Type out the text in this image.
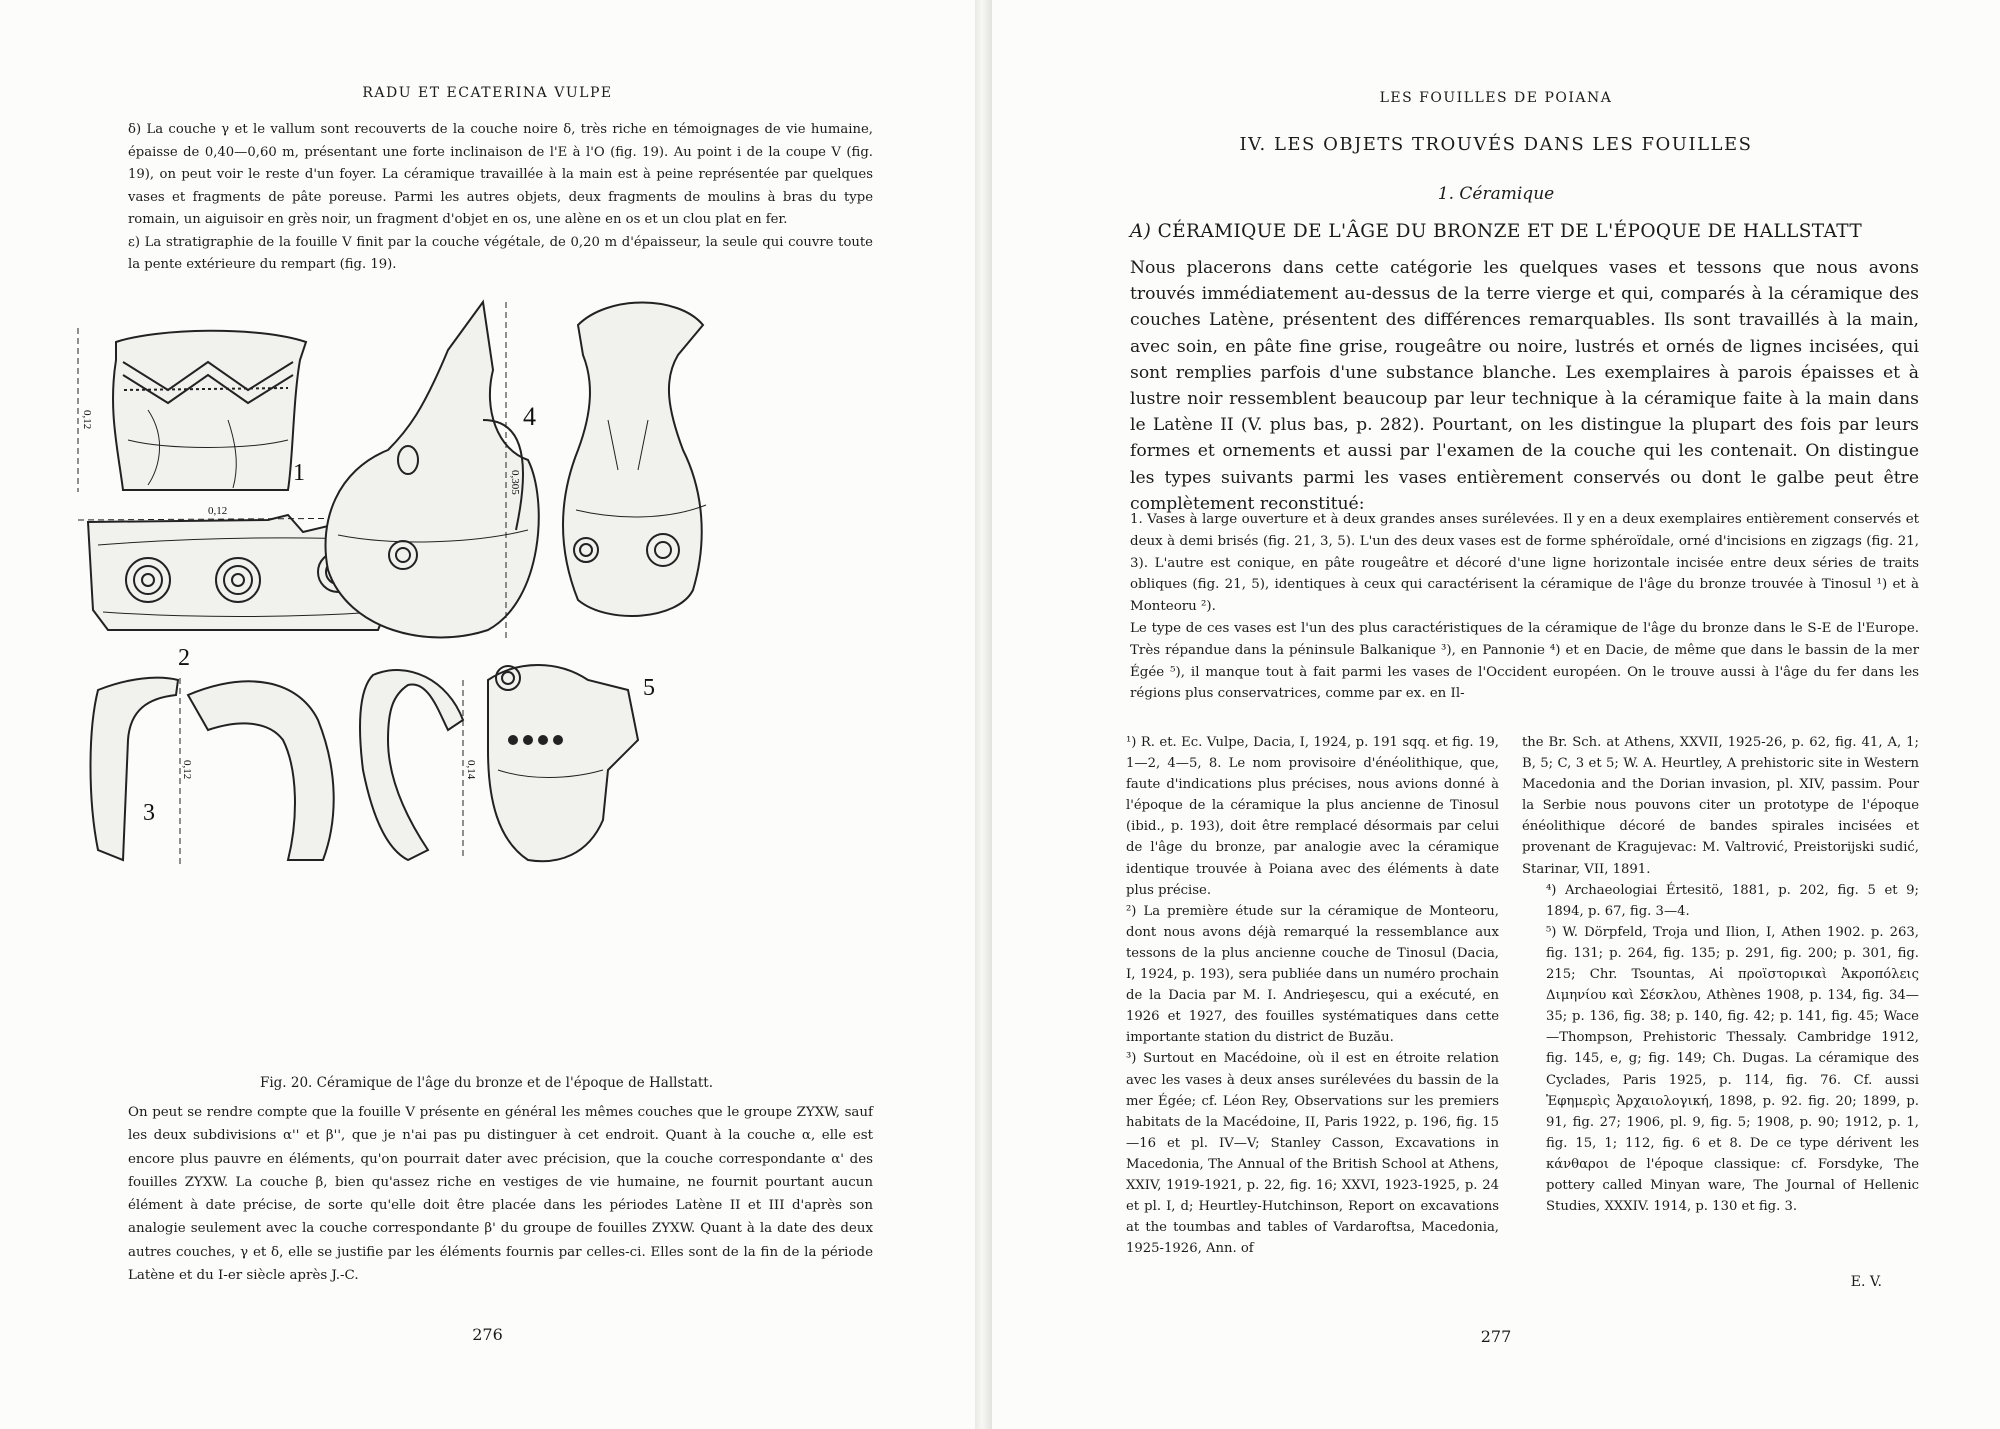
RADU ET ECATERINA VULPE

δ) La couche γ et le vallum sont recouverts de la couche noire δ, très riche en témoignages de vie humaine, épaisse de 0,40—0,60 m, présentant une forte inclinaison de l'E à l'O (fig. 19). Au point i de la coupe V (fig. 19), on peut voir le reste d'un foyer. La céramique travaillée à la main est à peine représentée par quelques vases et fragments de pâte poreuse. Parmi les autres objets, deux fragments de moulins à bras du type romain, un aiguisoir en grès noir, un fragment d'objet en os, une alène en os et un clou plat en fer.

ε) La stratigraphie de la fouille V finit par la couche végétale, de 0,20 m d'épaisseur, la seule qui couvre toute la pente extérieure du rempart (fig. 19).

1
2
3
4
5
0,12
0,12
0,305
0,12	0,14
Fig. 20. Céramique de l'âge du bronze et de l'époque de Hallstatt.

On peut se rendre compte que la fouille V présente en général les mêmes couches que le groupe ZYXW, sauf les deux subdivisions α'' et β'', que je n'ai pas pu distinguer à cet endroit. Quant à la couche α, elle est encore plus pauvre en éléments, qu'on pourrait dater avec précision, que la couche correspondante α' des fouilles ZYXW. La couche β, bien qu'assez riche en vestiges de vie humaine, ne fournit pourtant aucun élément à date précise, de sorte qu'elle doit être placée dans les périodes Latène II et III d'après son analogie seulement avec la couche correspondante β' du groupe de fouilles ZYXW. Quant à la date des deux autres couches, γ et δ, elle se justifie par les éléments fournis par celles-ci. Elles sont de la fin de la période Latène et du I-er siècle après J.-C.	E. V.
276
LES FOUILLES DE POIANA
IV. LES OBJETS TROUVÉS DANS LES FOUILLES
1. Céramique
A) CÉRAMIQUE DE L'ÂGE DU BRONZE ET DE L'ÉPOQUE DE HALLSTATT

Nous placerons dans cette catégorie les quelques vases et tessons que nous avons trouvés immédiatement au-dessus de la terre vierge et qui, comparés à la céramique des couches Latène, présentent des différences remarquables. Ils sont travaillés à la main, avec soin, en pâte fine grise, rougeâtre ou noire, lustrés et ornés de lignes incisées, qui sont remplies parfois d'une substance blanche. Les exemplaires à parois épaisses et à lustre noir ressemblent beaucoup par leur technique à la céramique faite à la main dans le Latène II (V. plus bas, p. 282). Pourtant, on les distingue la plupart des fois par leurs formes et ornements et aussi par l'examen de la couche qui les contenait. On distingue les types suivants parmi les vases entièrement conservés ou dont le galbe peut être complètement reconstitué:

1. Vases à large ouverture et à deux grandes anses surélevées. Il y en a deux exemplaires entièrement conservés et deux à demi brisés (fig. 21, 3, 5). L'un des deux vases est de forme sphéroïdale, orné d'incisions en zigzags (fig. 21, 3). L'autre est conique, en pâte rougeâtre et décoré d'une ligne horizontale incisée entre deux séries de traits obliques (fig. 21, 5), identiques à ceux qui caractérisent la céramique de l'âge du bronze trouvée à Tinosul ¹) et à Monteoru ²).

Le type de ces vases est l'un des plus caractéristiques de la céramique de l'âge du bronze dans le S-E de l'Europe. Très répandue dans la péninsule Balkanique ³), en Pannonie ⁴) et en Dacie, de même que dans le bassin de la mer Égée ⁵), il manque tout à fait parmi les vases de l'Occident européen. On le trouve aussi à l'âge du fer dans les régions plus conservatrices, comme par ex. en Il-

¹) R. et. Ec. Vulpe, Dacia, I, 1924, p. 191 sqq. et fig. 19, 1—2, 4—5, 8. Le nom provisoire d'énéolithique, que, faute d'indications plus précises, nous avions donné à l'époque de la céramique la plus ancienne de Tinosul (ibid., p. 193), doit être remplacé désormais par celui de l'âge du bronze, par analogie avec la céramique identique trouvée à Poiana avec des éléments à date plus précise.

²) La première étude sur la céramique de Monteoru, dont nous avons déjà remarqué la ressemblance aux tessons de la plus ancienne couche de Tinosul (Dacia, I, 1924, p. 193), sera publiée dans un numéro prochain de la Dacia par M. I. Andrieşescu, qui a exécuté, en 1926 et 1927, des fouilles systématiques dans cette importante station du district de Buzău.

³) Surtout en Macédoine, où il est en étroite relation avec les vases à deux anses surélevées du bassin de la mer Égée; cf. Léon Rey, Observations sur les premiers habitats de la Macédoine, II, Paris 1922, p. 196, fig. 15—16 et pl. IV—V; Stanley Casson, Excavations in Macedonia, The Annual of the British School at Athens, XXIV, 1919-1921, p. 22, fig. 16; XXVI, 1923-1925, p. 24 et pl. I, d; Heurtley-Hutchinson, Report on excavations at the toumbas and tables of Vardaroftsa, Macedonia, 1925-1926, Ann. of

the Br. Sch. at Athens, XXVII, 1925-26, p. 62, fig. 41, A, 1; B, 5; C, 3 et 5; W. A. Heurtley, A prehistoric site in Western Macedonia and the Dorian invasion, pl. XIV, passim. Pour la Serbie nous pouvons citer un prototype de l'époque énéolithique décoré de bandes spirales incisées et provenant de Kragujevac: M. Valtrović, Preistorijski sudić, Starinar, VII, 1891.

⁴) Archaeologiai Értesitö, 1881, p. 202, fig. 5 et 9; 1894, p. 67, fig. 3—4.

⁵) W. Dörpfeld, Troja und Ilion, I, Athen 1902. p. 263, fig. 131; p. 264, fig. 135; p. 291, fig. 200; p. 301, fig. 215; Chr. Tsountas, Αἱ προϊστορικαὶ Ἀκροπόλεις Διμηνίου καὶ Σέσκλου, Athènes 1908, p. 134, fig. 34—35; p. 136, fig. 38; p. 140, fig. 42; p. 141, fig. 45; Wace—Thompson, Prehistoric Thessaly. Cambridge 1912, fig. 145, e, g; fig. 149; Ch. Dugas. La céramique des Cyclades, Paris 1925, p. 114, fig. 76. Cf. aussi Ἐφημερὶς Ἀρχαιολογική, 1898, p. 92. fig. 20; 1899, p. 91, fig. 27; 1906, pl. 9, fig. 5; 1908, p. 90; 1912, p. 1, fig. 15, 1; 112, fig. 6 et 8. De ce type dérivent les κάνθαροι de l'époque classique: cf. Forsdyke, The pottery called Minyan ware, The Journal of Hellenic Studies, XXXIV. 1914, p. 130 et fig. 3.

277
